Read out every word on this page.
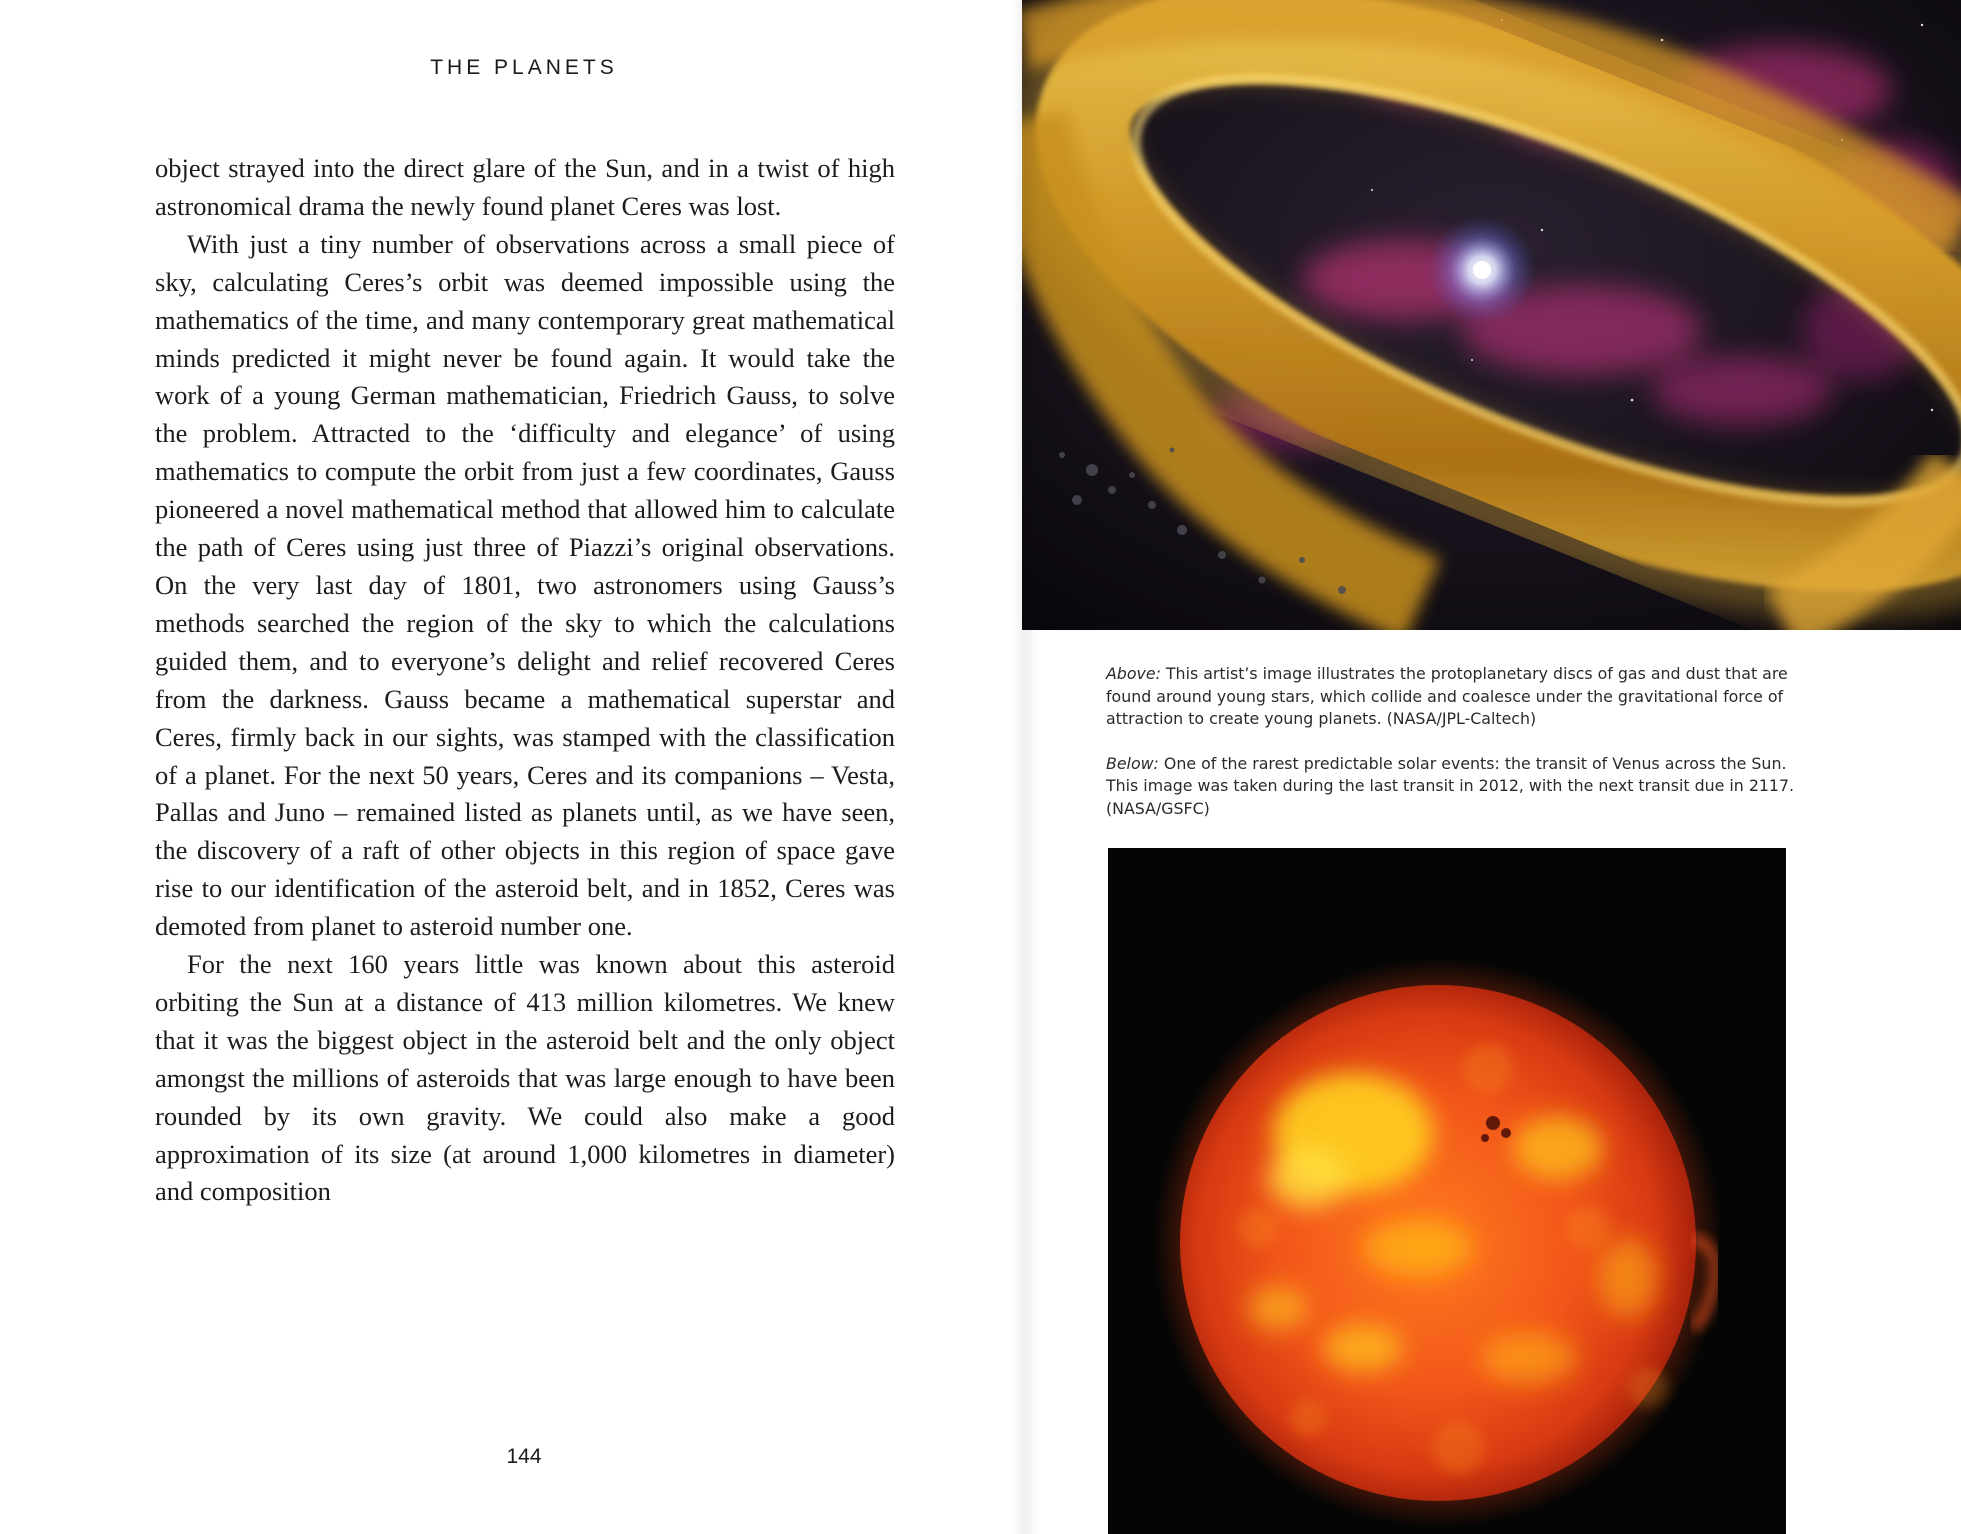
THE PLANETS

object strayed into the direct glare of the Sun, and in a twist of high astronomical drama the newly found planet Ceres was lost.

With just a tiny number of observations across a small piece of sky, calculating Ceres’s orbit was deemed impossible using the mathematics of the time, and many contemporary great mathematical minds predicted it might never be found again. It would take the work of a young German mathematician, Friedrich Gauss, to solve the problem. Attracted to the ‘difficulty and elegance’ of using mathematics to compute the orbit from just a few coordinates, Gauss pioneered a novel mathematical method that allowed him to calculate the path of Ceres using just three of Piazzi’s original observations. On the very last day of 1801, two astronomers using Gauss’s methods searched the region of the sky to which the calculations guided them, and to everyone’s delight and relief recovered Ceres from the darkness. Gauss became a mathematical superstar and Ceres, firmly back in our sights, was stamped with the classification of a planet. For the next 50 years, Ceres and its companions – Vesta, Pallas and Juno – remained listed as planets until, as we have seen, the discovery of a raft of other objects in this region of space gave rise to our identification of the asteroid belt, and in 1852, Ceres was demoted from planet to asteroid number one.

For the next 160 years little was known about this asteroid orbiting the Sun at a distance of 413 million kilometres. We knew that it was the biggest object in the asteroid belt and the only object amongst the millions of asteroids that was large enough to have been rounded by its own gravity. We could also make a good approximation of its size (at around 1,000 kilometres in diameter) and composition

144

Above: This artist’s image illustrates the protoplanetary discs of gas and dust that are found around young stars, which collide and coalesce under the gravitational force of attraction to create young planets. (NASA/JPL-Caltech)

Below: One of the rarest predictable solar events: the transit of Venus across the Sun. This image was taken during the last transit in 2012, with the next transit due in 2117. (NASA/GSFC)
